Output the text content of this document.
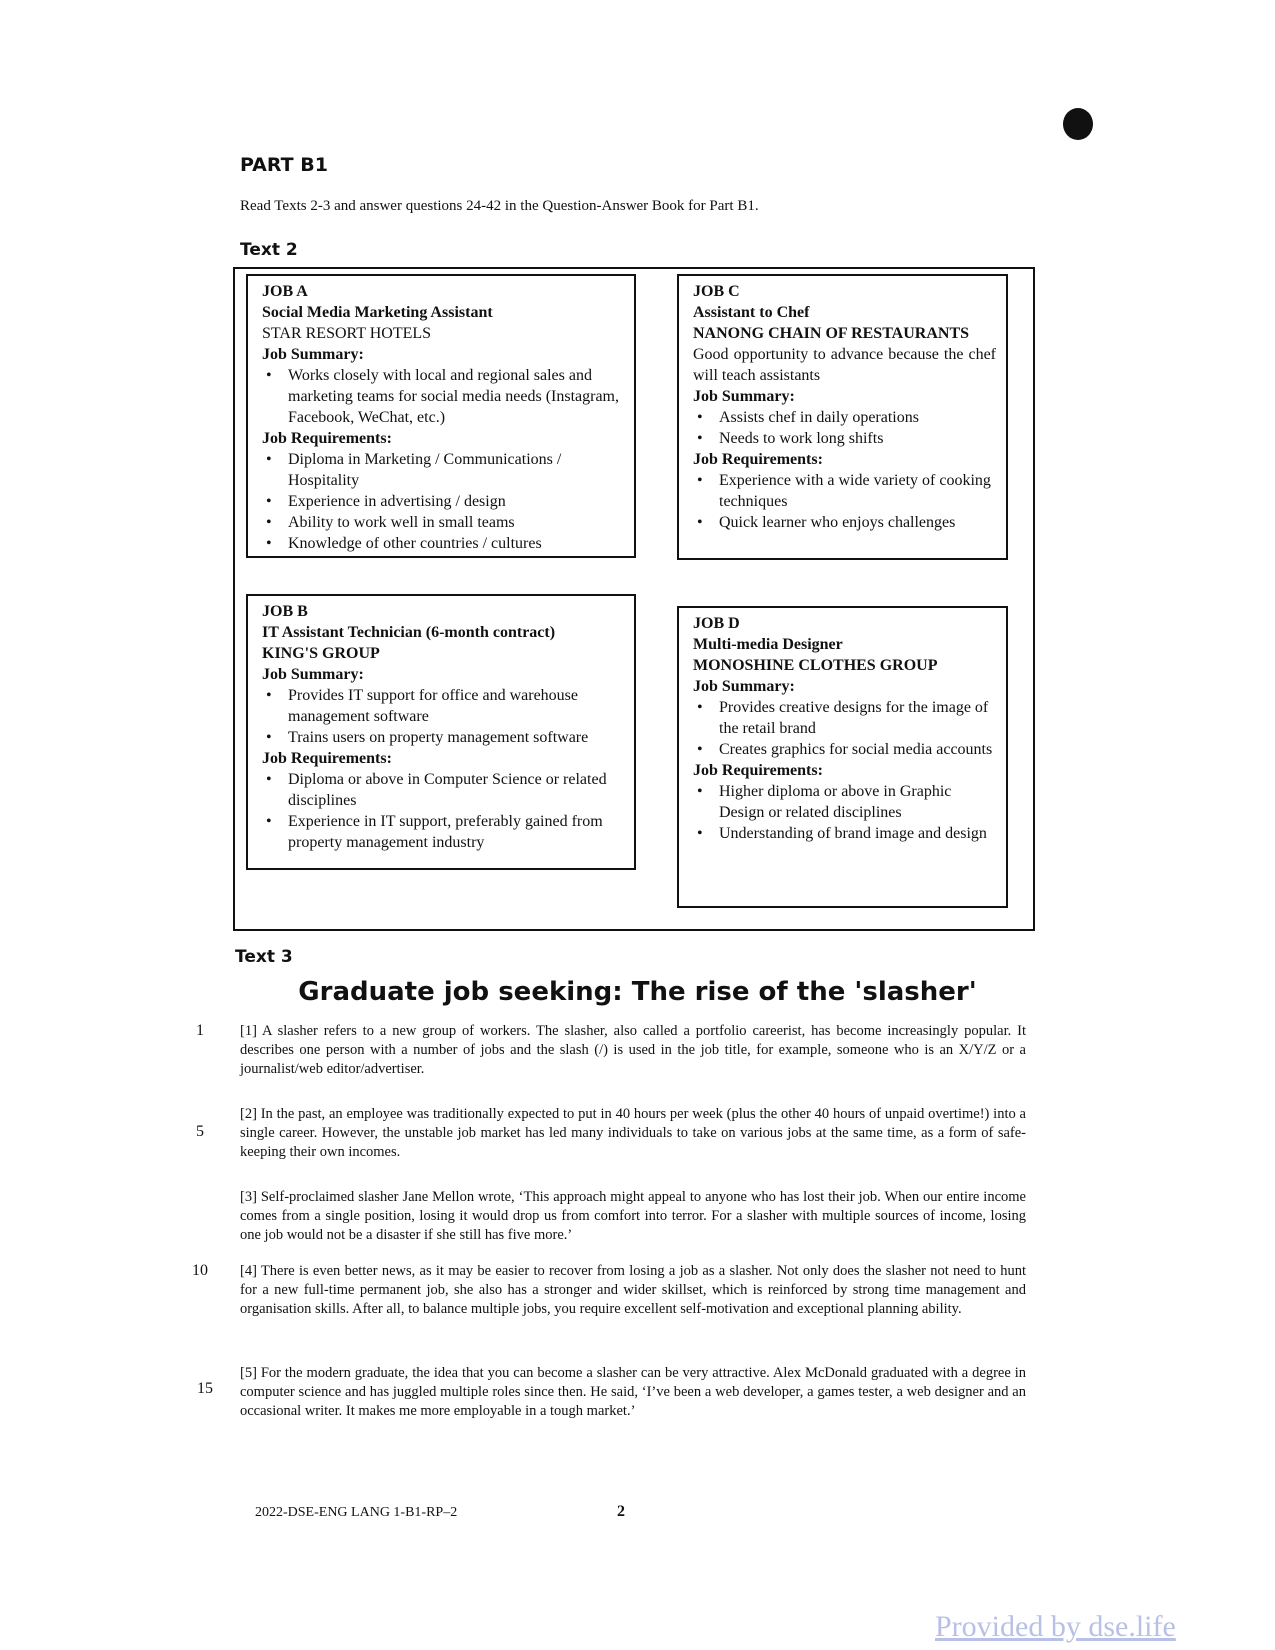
PART B1
Read Texts 2-3 and answer questions 24-42 in the Question-Answer Book for Part B1.
Text 2
JOB A
Social Media Marketing Assistant
STAR RESORT HOTELS
Job Summary:
• Works closely with local and regional sales and marketing teams for social media needs (Instagram, Facebook, WeChat, etc.)
Job Requirements:
• Diploma in Marketing / Communications / Hospitality
• Experience in advertising / design
• Ability to work well in small teams
• Knowledge of other countries / cultures
JOB C
Assistant to Chef
NANONG CHAIN OF RESTAURANTS
Good opportunity to advance because the chef will teach assistants
Job Summary:
• Assists chef in daily operations
• Needs to work long shifts
Job Requirements:
• Experience with a wide variety of cooking techniques
• Quick learner who enjoys challenges
JOB B
IT Assistant Technician (6-month contract)
KING'S GROUP
Job Summary:
• Provides IT support for office and warehouse management software
• Trains users on property management software
Job Requirements:
• Diploma or above in Computer Science or related disciplines
• Experience in IT support, preferably gained from property management industry
JOB D
Multi-media Designer
MONOSHINE CLOTHES GROUP
Job Summary:
• Provides creative designs for the image of the retail brand
• Creates graphics for social media accounts
Job Requirements:
• Higher diploma or above in Graphic Design or related disciplines
• Understanding of brand image and design
Text 3
Graduate job seeking: The rise of the 'slasher'
1
5
10
15
[1] A slasher refers to a new group of workers. The slasher, also called a portfolio careerist, has become increasingly popular. It describes one person with a number of jobs and the slash (/) is used in the job title, for example, someone who is an X/Y/Z or a journalist/web editor/advertiser.
[2] In the past, an employee was traditionally expected to put in 40 hours per week (plus the other 40 hours of unpaid overtime!) into a single career. However, the unstable job market has led many individuals to take on various jobs at the same time, as a form of safe-keeping their own incomes.
[3] Self-proclaimed slasher Jane Mellon wrote, ‘This approach might appeal to anyone who has lost their job. When our entire income comes from a single position, losing it would drop us from comfort into terror. For a slasher with multiple sources of income, losing one job would not be a disaster if she still has five more.’
[4] There is even better news, as it may be easier to recover from losing a job as a slasher. Not only does the slasher not need to hunt for a new full-time permanent job, she also has a stronger and wider skillset, which is reinforced by strong time management and organisation skills. After all, to balance multiple jobs, you require excellent self-motivation and exceptional planning ability.
[5] For the modern graduate, the idea that you can become a slasher can be very attractive. Alex McDonald graduated with a degree in computer science and has juggled multiple roles since then. He said, ‘I’ve been a web developer, a games tester, a web designer and an occasional writer. It makes me more employable in a tough market.’
2022-DSE-ENG LANG 1-B1-RP–2	2
Provided by dse.life
